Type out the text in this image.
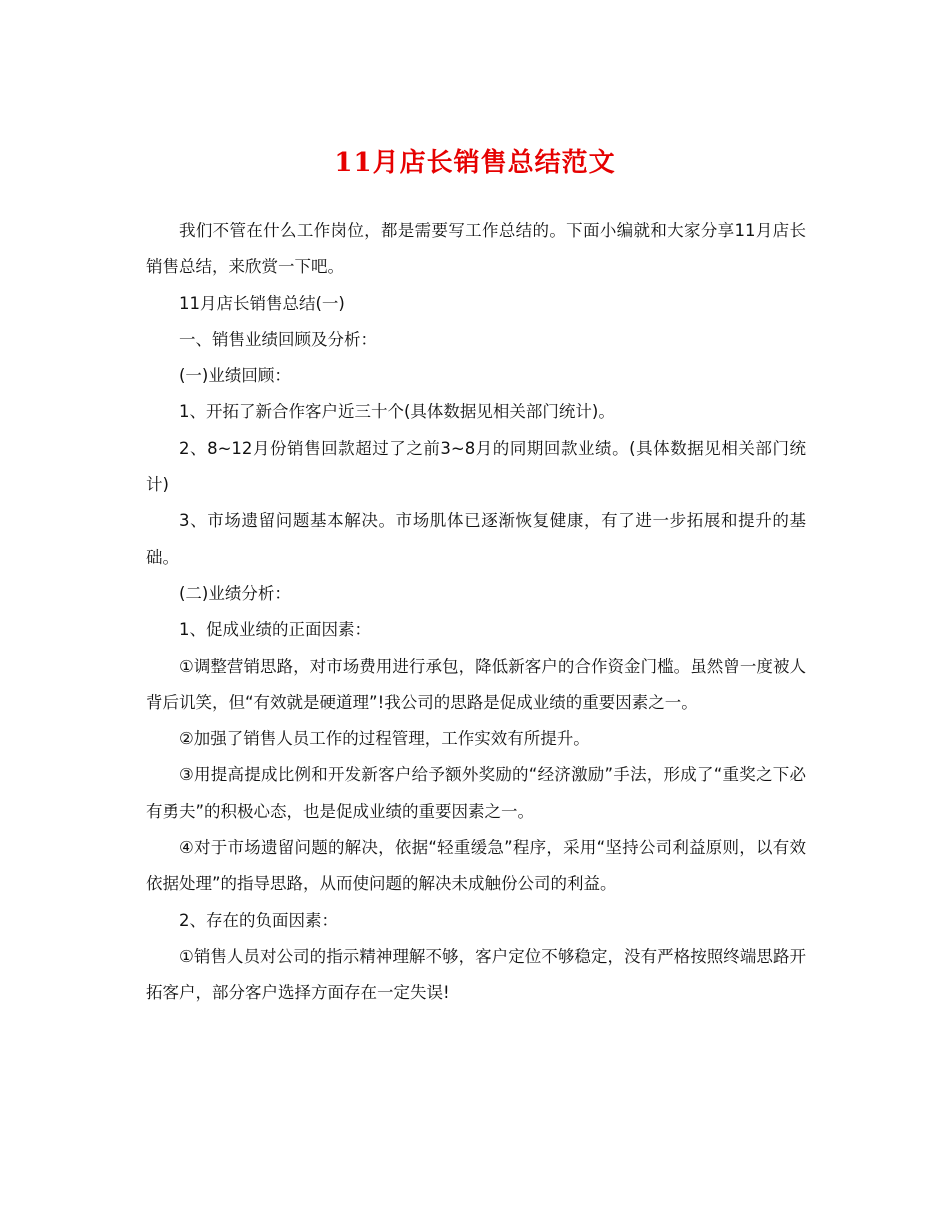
11月店长销售总结范文

我们不管在什么工作岗位，都是需要写工作总结的。下面小编就和大家分享11月店长销售总结，来欣赏一下吧。

11月店长销售总结(一)

一、销售业绩回顾及分析：

(一)业绩回顾：

1、开拓了新合作客户近三十个(具体数据见相关部门统计)。

2、8~12月份销售回款超过了之前3~8月的同期回款业绩。(具体数据见相关部门统计)

3、市场遗留问题基本解决。市场肌体已逐渐恢复健康，有了进一步拓展和提升的基础。

(二)业绩分析：

1、促成业绩的正面因素：

①调整营销思路，对市场费用进行承包，降低新客户的合作资金门槛。虽然曾一度被人背后讥笑，但“有效就是硬道理”!我公司的思路是促成业绩的重要因素之一。

②加强了销售人员工作的过程管理，工作实效有所提升。

③用提高提成比例和开发新客户给予额外奖励的“经济激励”手法，形成了“重奖之下必有勇夫”的积极心态，也是促成业绩的重要因素之一。

④对于市场遗留问题的解决，依据“轻重缓急”程序，采用“坚持公司利益原则，以有效依据处理”的指导思路，从而使问题的解决未成触份公司的利益。

2、存在的负面因素：

①销售人员对公司的指示精神理解不够，客户定位不够稳定，没有严格按照终端思路开拓客户，部分客户选择方面存在一定失误!
